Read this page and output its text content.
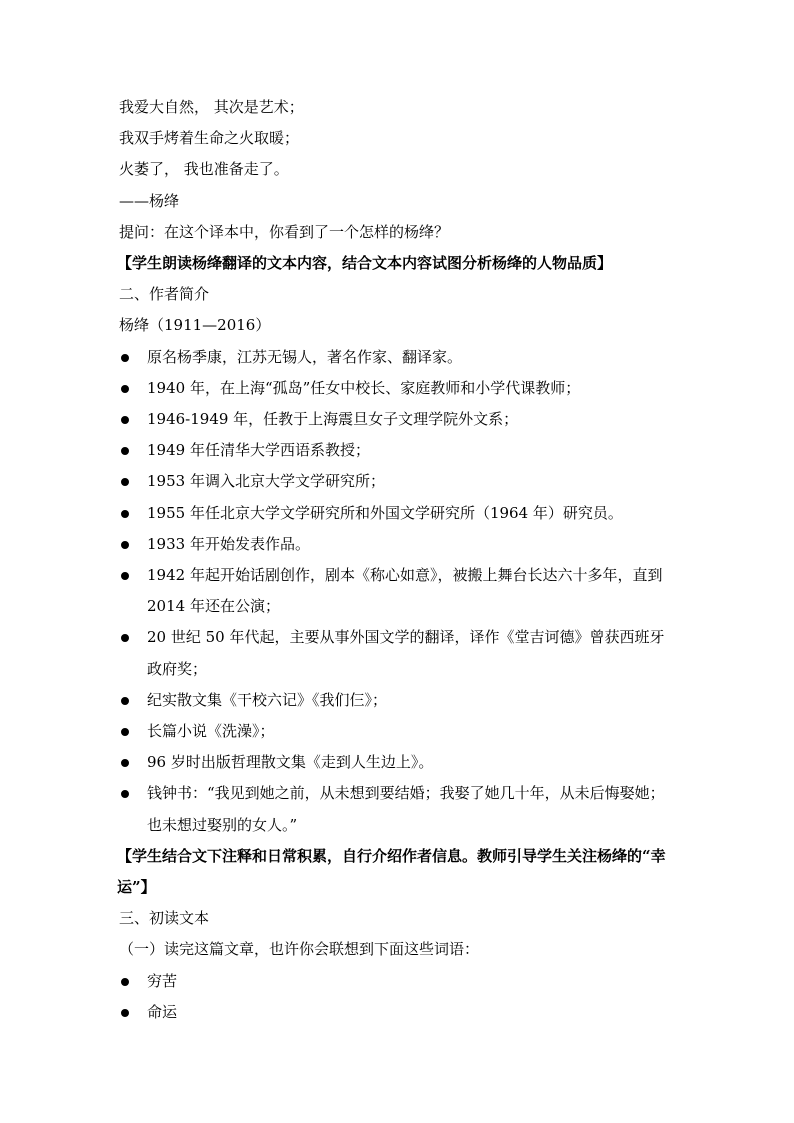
我爱大自然， 其次是艺术；
我双手烤着生命之火取暖；
火萎了， 我也准备走了。
——杨绛
提问：在这个译本中，你看到了一个怎样的杨绛？
【学生朗读杨绛翻译的文本内容，结合文本内容试图分析杨绛的人物品质】
二、作者简介
杨绛（1911—2016）
原名杨季康，江苏无锡人，著名作家、翻译家。
1940 年，在上海“孤岛”任女中校长、家庭教师和小学代课教师；
1946-1949 年，任教于上海震旦女子文理学院外文系；
1949 年任清华大学西语系教授；
1953 年调入北京大学文学研究所；
1955 年任北京大学文学研究所和外国文学研究所（1964 年）研究员。
1933 年开始发表作品。
1942 年起开始话剧创作，剧本《称心如意》，被搬上舞台长达六十多年，直到 2014 年还在公演；
20 世纪 50 年代起，主要从事外国文学的翻译，译作《堂吉诃德》曾获西班牙政府奖；
纪实散文集《干校六记》《我们仨》；
长篇小说《洗澡》；
96 岁时出版哲理散文集《走到人生边上》。
钱钟书：“我见到她之前，从未想到要结婚；我娶了她几十年，从未后悔娶她；也未想过娶别的女人。”
【学生结合文下注释和日常积累，自行介绍作者信息。教师引导学生关注杨绛的“幸运”】
三、初读文本
（一）读完这篇文章，也许你会联想到下面这些词语：
穷苦
命运
